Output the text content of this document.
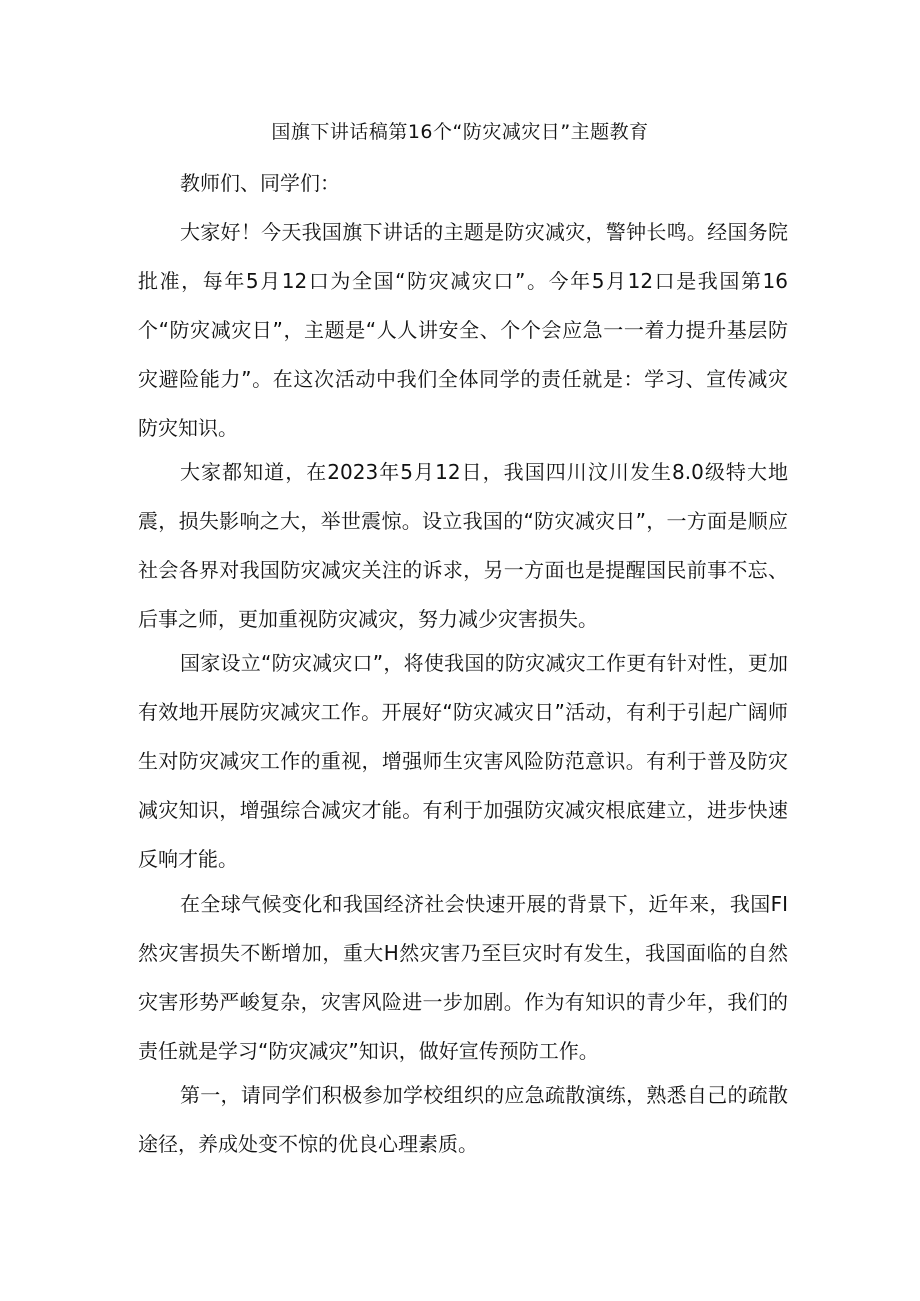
国旗下讲话稿第16个“防灾减灾日”主题教育
教师们、同学们：

大家好！今天我国旗下讲话的主题是防灾减灾，警钟长鸣。经国务院批准，每年5月12口为全国“防灾减灾口”。今年5月12口是我国第16个“防灾减灾日”，主题是“人人讲安全、个个会应急一一着力提升基层防灾避险能力”。在这次活动中我们全体同学的责任就是：学习、宣传减灾防灾知识。

大家都知道，在2023年5月12日，我国四川汶川发生8.0级特大地震，损失影响之大，举世震惊。设立我国的“防灾减灾日”，一方面是顺应社会各界对我国防灾减灾关注的诉求，另一方面也是提醒国民前事不忘、后事之师，更加重视防灾减灾，努力减少灾害损失。

国家设立“防灾减灾口”，将使我国的防灾减灾工作更有针对性，更加有效地开展防灾减灾工作。开展好“防灾减灾日”活动，有利于引起广阔师生对防灾减灾工作的重视，增强师生灾害风险防范意识。有利于普及防灾减灾知识，增强综合减灾才能。有利于加强防灾减灾根底建立，进步快速反响才能。

在全球气候变化和我国经济社会快速开展的背景下，近年来，我国FI然灾害损失不断增加，重大H然灾害乃至巨灾时有发生，我国面临的自然灾害形势严峻复杂，灾害风险进一步加剧。作为有知识的青少年，我们的责任就是学习“防灾减灾”知识，做好宣传预防工作。

第一，请同学们积极参加学校组织的应急疏散演练，熟悉自己的疏散途径，养成处变不惊的优良心理素质。
